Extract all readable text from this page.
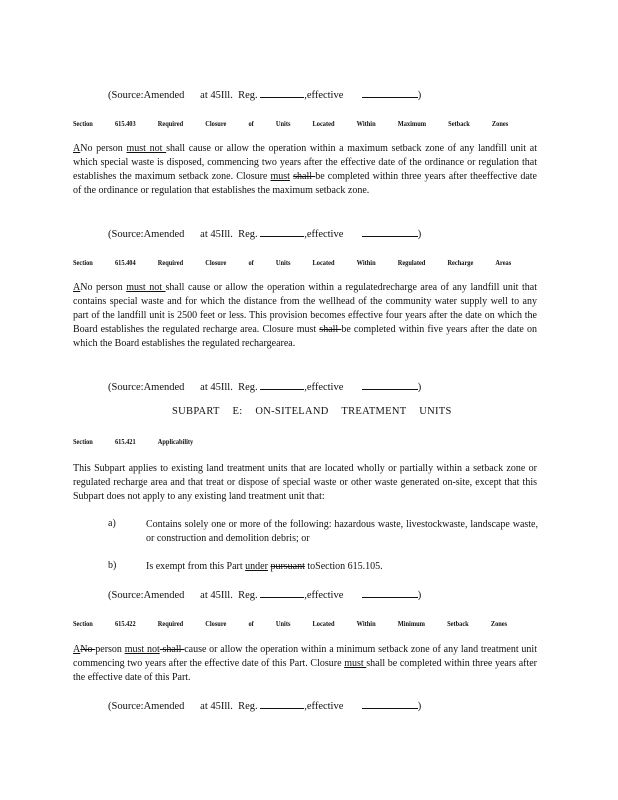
(Source:Amended at 45Ill.  Reg.	,effective	)
Section	615.403	Required	Closure	of	Units	Located	Within	Maximum	Setback	Zones
ANo person must not shall cause or allow the operation within a maximum setback zone of any landfill unit at which special waste is disposed, commencing two years after the effective date of the ordinance or regulation that establishes the maximum setback zone. Closure must shall be completed within three years after theeffective date of the ordinance or regulation that establishes the maximum setback zone.
(Source:Amended at 45Ill.  Reg.	,effective	)
Section	615.404	Required	Closure	of	Units	Located	Within	Regulated	Recharge	Areas
ANo person must not shall cause or allow the operation within a regulatedrecharge area of any landfill unit that contains special waste and for which the distance from the wellhead of the community water supply well to any part of the landfill unit is 2500 feet or less. This provision becomes effective four years after the date on which the Board establishes the regulated recharge area. Closure must shall be completed within five years after the date on which the Board establishes the regulated rechargearea.
(Source:Amended at 45Ill.  Reg.	,effective	)
SUBPART E: ON-SITELAND TREATMENT UNITS
Section	615.421	Applicability
This Subpart applies to existing land treatment units that are located wholly or partially within a setback zone or regulated recharge area and that treat or dispose of special waste or other waste generated on-site, except that this Subpart does not apply to any existing land treatment unit that:
a)	Contains solely one or more of the following: hazardous waste, livestockwaste, landscape waste, or construction and demolition debris; or
b)	Is exempt from this Part under pursuant toSection 615.105.
(Source:Amended at 45Ill.  Reg.	,effective	)
Section	615.422	Required	Closure	of	Units	Located	Within	Minimum	Setback	Zones
ANo person must not shall cause or allow the operation within a minimum setback zone of any land treatment unit commencing two years after the effective date of this Part. Closure must shall be completed within three years after the effective date of this Part.
(Source:Amended at 45Ill.  Reg.	,effective	)
